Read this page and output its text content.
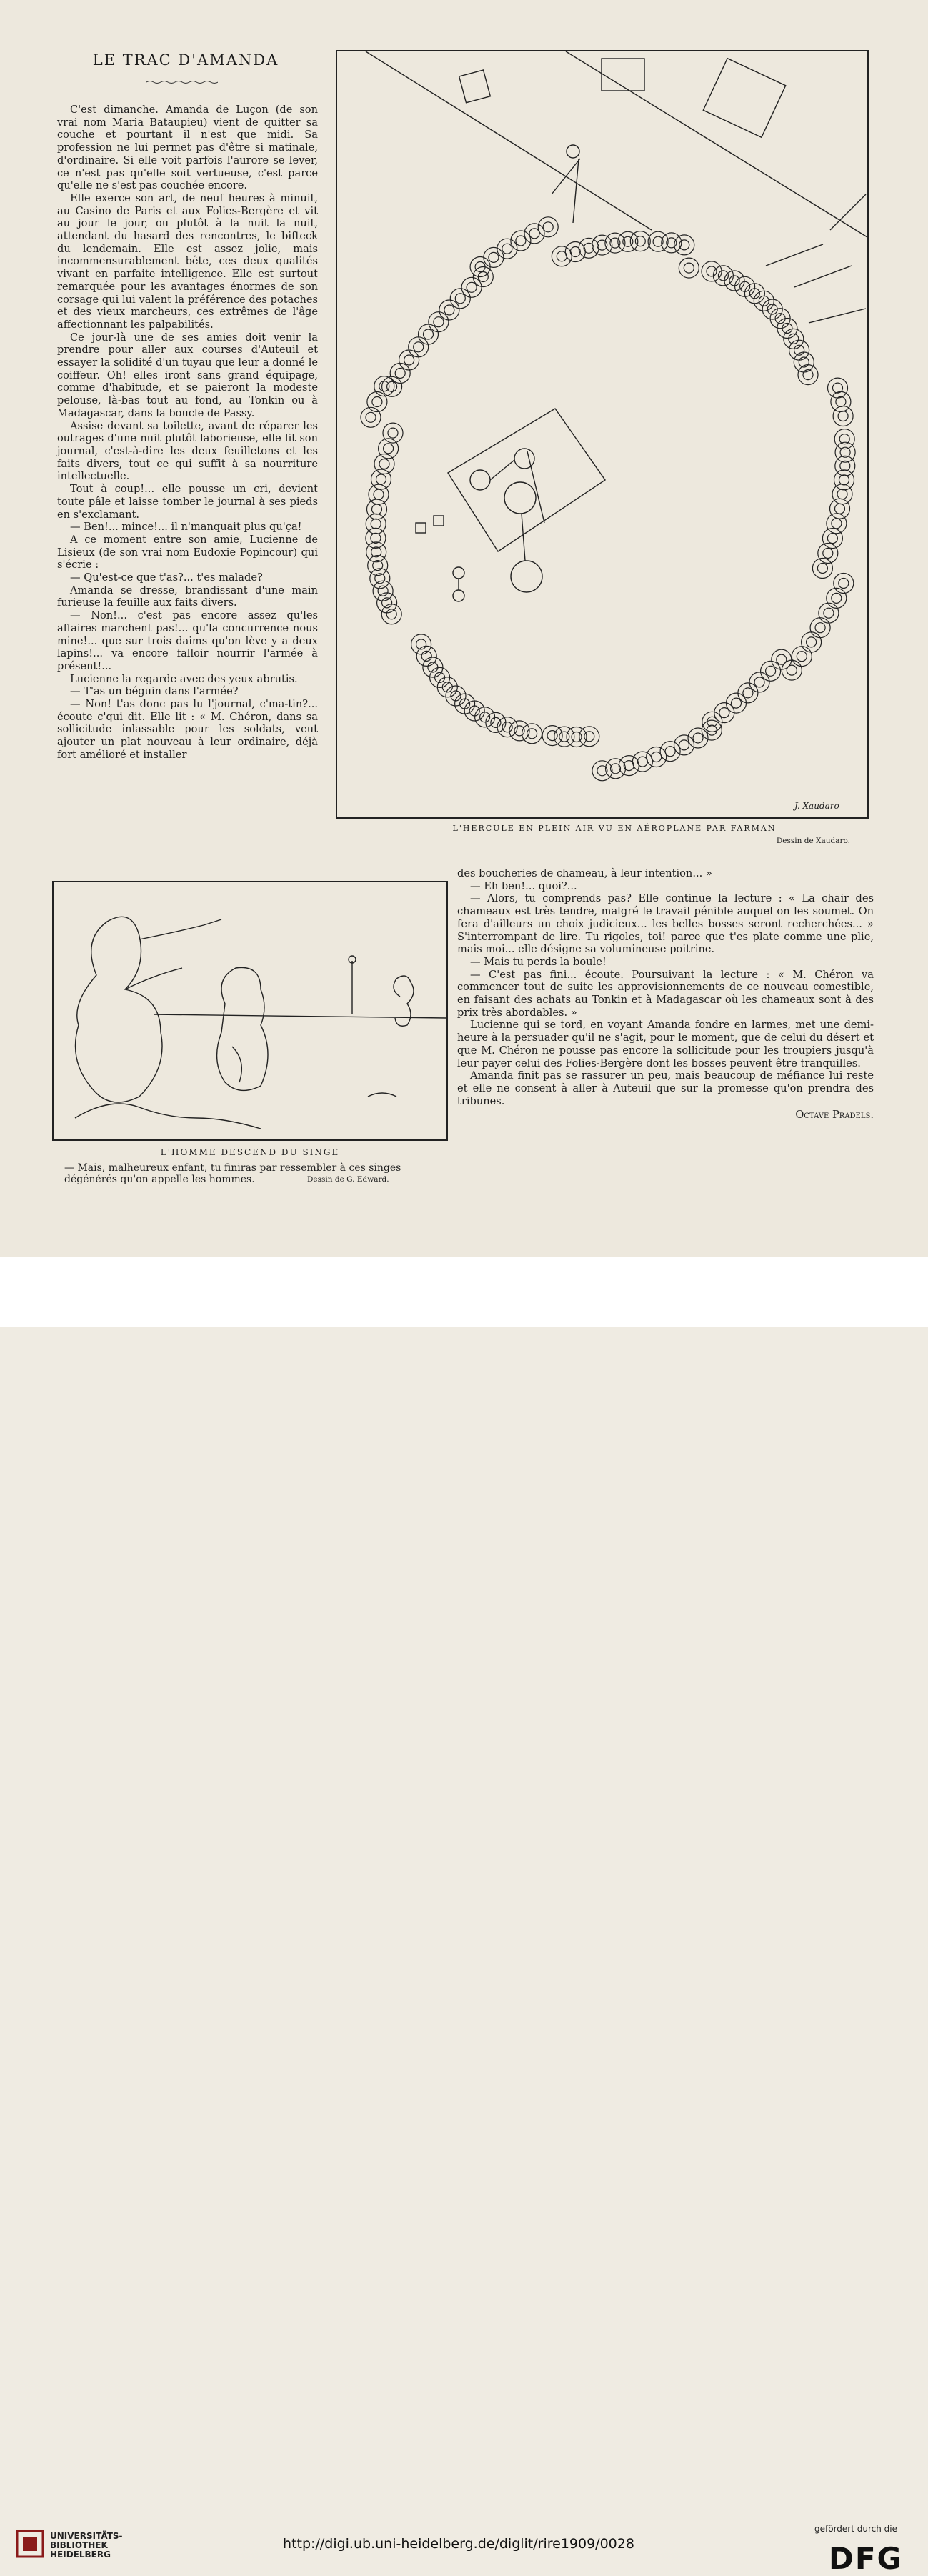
LE TRAC D'AMANDA

C'est dimanche. Amanda de Luçon (de son vrai nom Maria Bataupieu) vient de quitter sa couche et pourtant il n'est que midi. Sa profession ne lui permet pas d'être si matinale, d'ordinaire. Si elle voit parfois l'aurore se lever, ce n'est pas qu'elle soit vertueuse, c'est parce qu'elle ne s'est pas couchée encore.

Elle exerce son art, de neuf heures à minuit, au Casino de Paris et aux Folies-Bergère et vit au jour le jour, ou plutôt à la nuit la nuit, attendant du hasard des rencontres, le bifteck du lendemain. Elle est assez jolie, mais incommensurablement bête, ces deux qualités vivant en parfaite intelligence. Elle est surtout remarquée pour les avantages énormes de son corsage qui lui valent la préférence des potaches et des vieux marcheurs, ces extrêmes de l'âge affectionnant les palpabilités.

Ce jour-là une de ses amies doit venir la prendre pour aller aux courses d'Auteuil et essayer la solidité d'un tuyau que leur a donné le coiffeur. Oh! elles iront sans grand équipage, comme d'habitude, et se paieront la modeste pelouse, là-bas tout au fond, au Tonkin ou à Madagascar, dans la boucle de Passy.

Assise devant sa toilette, avant de réparer les outrages d'une nuit plutôt laborieuse, elle lit son journal, c'est-à-dire les deux feuilletons et les faits divers, tout ce qui suffit à sa nourriture intellectuelle.

Tout à coup!... elle pousse un cri, devient toute pâle et laisse tomber le journal à ses pieds en s'exclamant.

— Ben!... mince!... il n'manquait plus qu'ça!

A ce moment entre son amie, Lucienne de Lisieux (de son vrai nom Eudoxie Popincour) qui s'écrie :

— Qu'est-ce que t'as?... t'es malade?

Amanda se dresse, brandissant d'une main furieuse la feuille aux faits divers.

— Non!... c'est pas encore assez qu'les affaires marchent pas!... qu'la concurrence nous mine!... que sur trois daims qu'on lève y a deux lapins!... va encore falloir nourrir l'armée à présent!...

Lucienne la regarde avec des yeux abrutis.

— T'as un béguin dans l'armée?

— Non! t'as donc pas lu l'journal, c'ma-tin?... écoute c'qui dit. Elle lit : « M. Chéron, dans sa sollicitude inlassable pour les soldats, veut ajouter un plat nouveau à leur ordinaire, déjà fort amélioré et installer

J. Xaudaro
L'HERCULE EN PLEIN AIR VU EN AÉROPLANE PAR FARMAN
Dessin de Xaudaro.
L'HOMME DESCEND DU SINGE
— Mais, malheureux enfant, tu finiras par ressembler à ces singes dégénérés qu'on appelle les hommes.	Dessin de G. Edward.

des boucheries de chameau, à leur intention... »

— Eh ben!... quoi?...

— Alors, tu comprends pas? Elle continue la lecture : « La chair des chameaux est très tendre, malgré le travail pénible auquel on les soumet. On fera d'ailleurs un choix judicieux... les belles bosses seront recherchées... » S'interrompant de lire. Tu rigoles, toi! parce que t'es plate comme une plie, mais moi... elle désigne sa volumineuse poitrine.

— Mais tu perds la boule!

— C'est pas fini... écoute. Poursuivant la lecture : « M. Chéron va commencer tout de suite les approvisionnements de ce nouveau comestible, en faisant des achats au Tonkin et à Madagascar où les chameaux sont à des prix très abordables. »

Lucienne qui se tord, en voyant Amanda fondre en larmes, met une demi-heure à la persuader qu'il ne s'agit, pour le moment, que de celui du désert et que M. Chéron ne pousse pas encore la sollicitude pour les troupiers jusqu'à leur payer celui des Folies-Bergère dont les bosses peuvent être tranquilles.

Amanda finit pas se rassurer un peu, mais beaucoup de méfiance lui reste et elle ne consent à aller à Auteuil que sur la promesse qu'on prendra des tribunes.

Octave Pradels.

UNIVERSITÄTS-
BIBLIOTHEK
HEIDELBERG
http://digi.ub.uni-heidelberg.de/diglit/rire1909/0028
gefördert durch die
DFG
